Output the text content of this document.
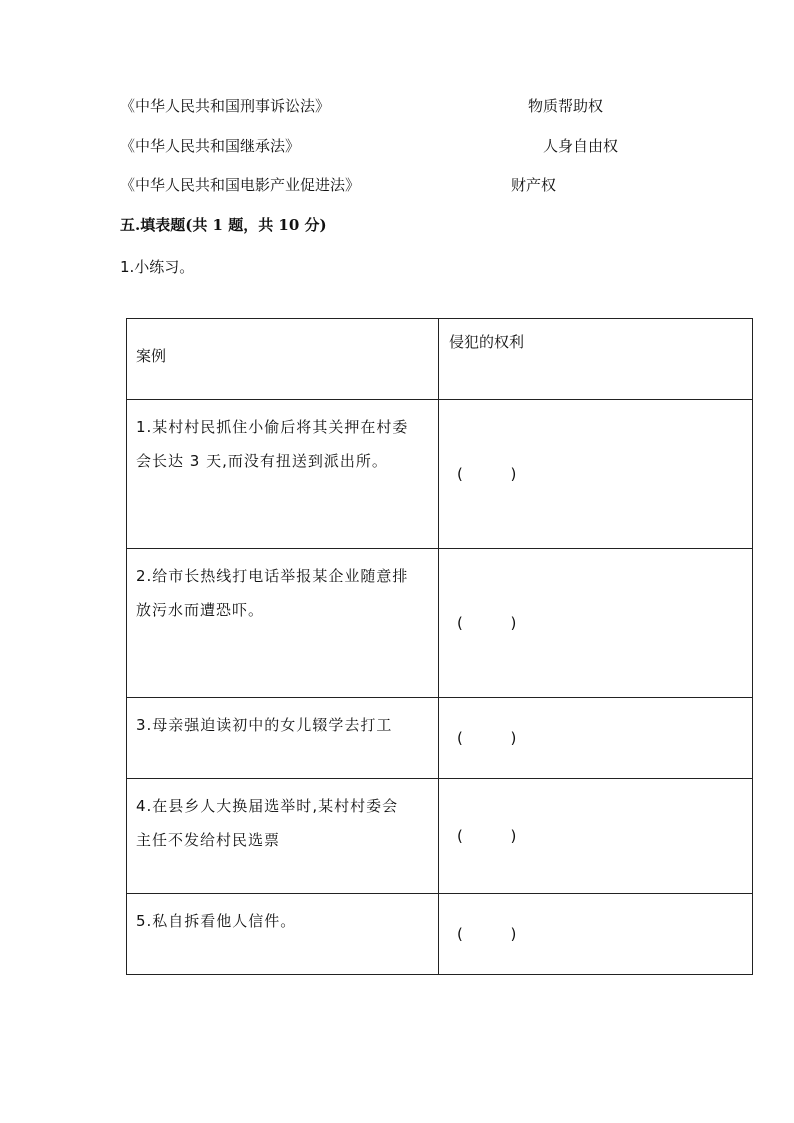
《中华人民共和国刑事诉讼法》	物质帮助权
《中华人民共和国继承法》	人身自由权
《中华人民共和国电影产业促进法》	财产权
五.填表题(共 1 题，共 10 分)
1.小练习。
案例	侵犯的权利

1.某村村民抓住小偷后将其关押在村委
会长达 3 天,而没有扭送到派出所。	(          )

2.给市长热线打电话举报某企业随意排
放污水而遭恐吓。	(          )

3.母亲强迫读初中的女儿辍学去打工	(          )

4.在县乡人大换届选举时,某村村委会
主任不发给村民选票	(          )

5.私自拆看他人信件。	(          )
